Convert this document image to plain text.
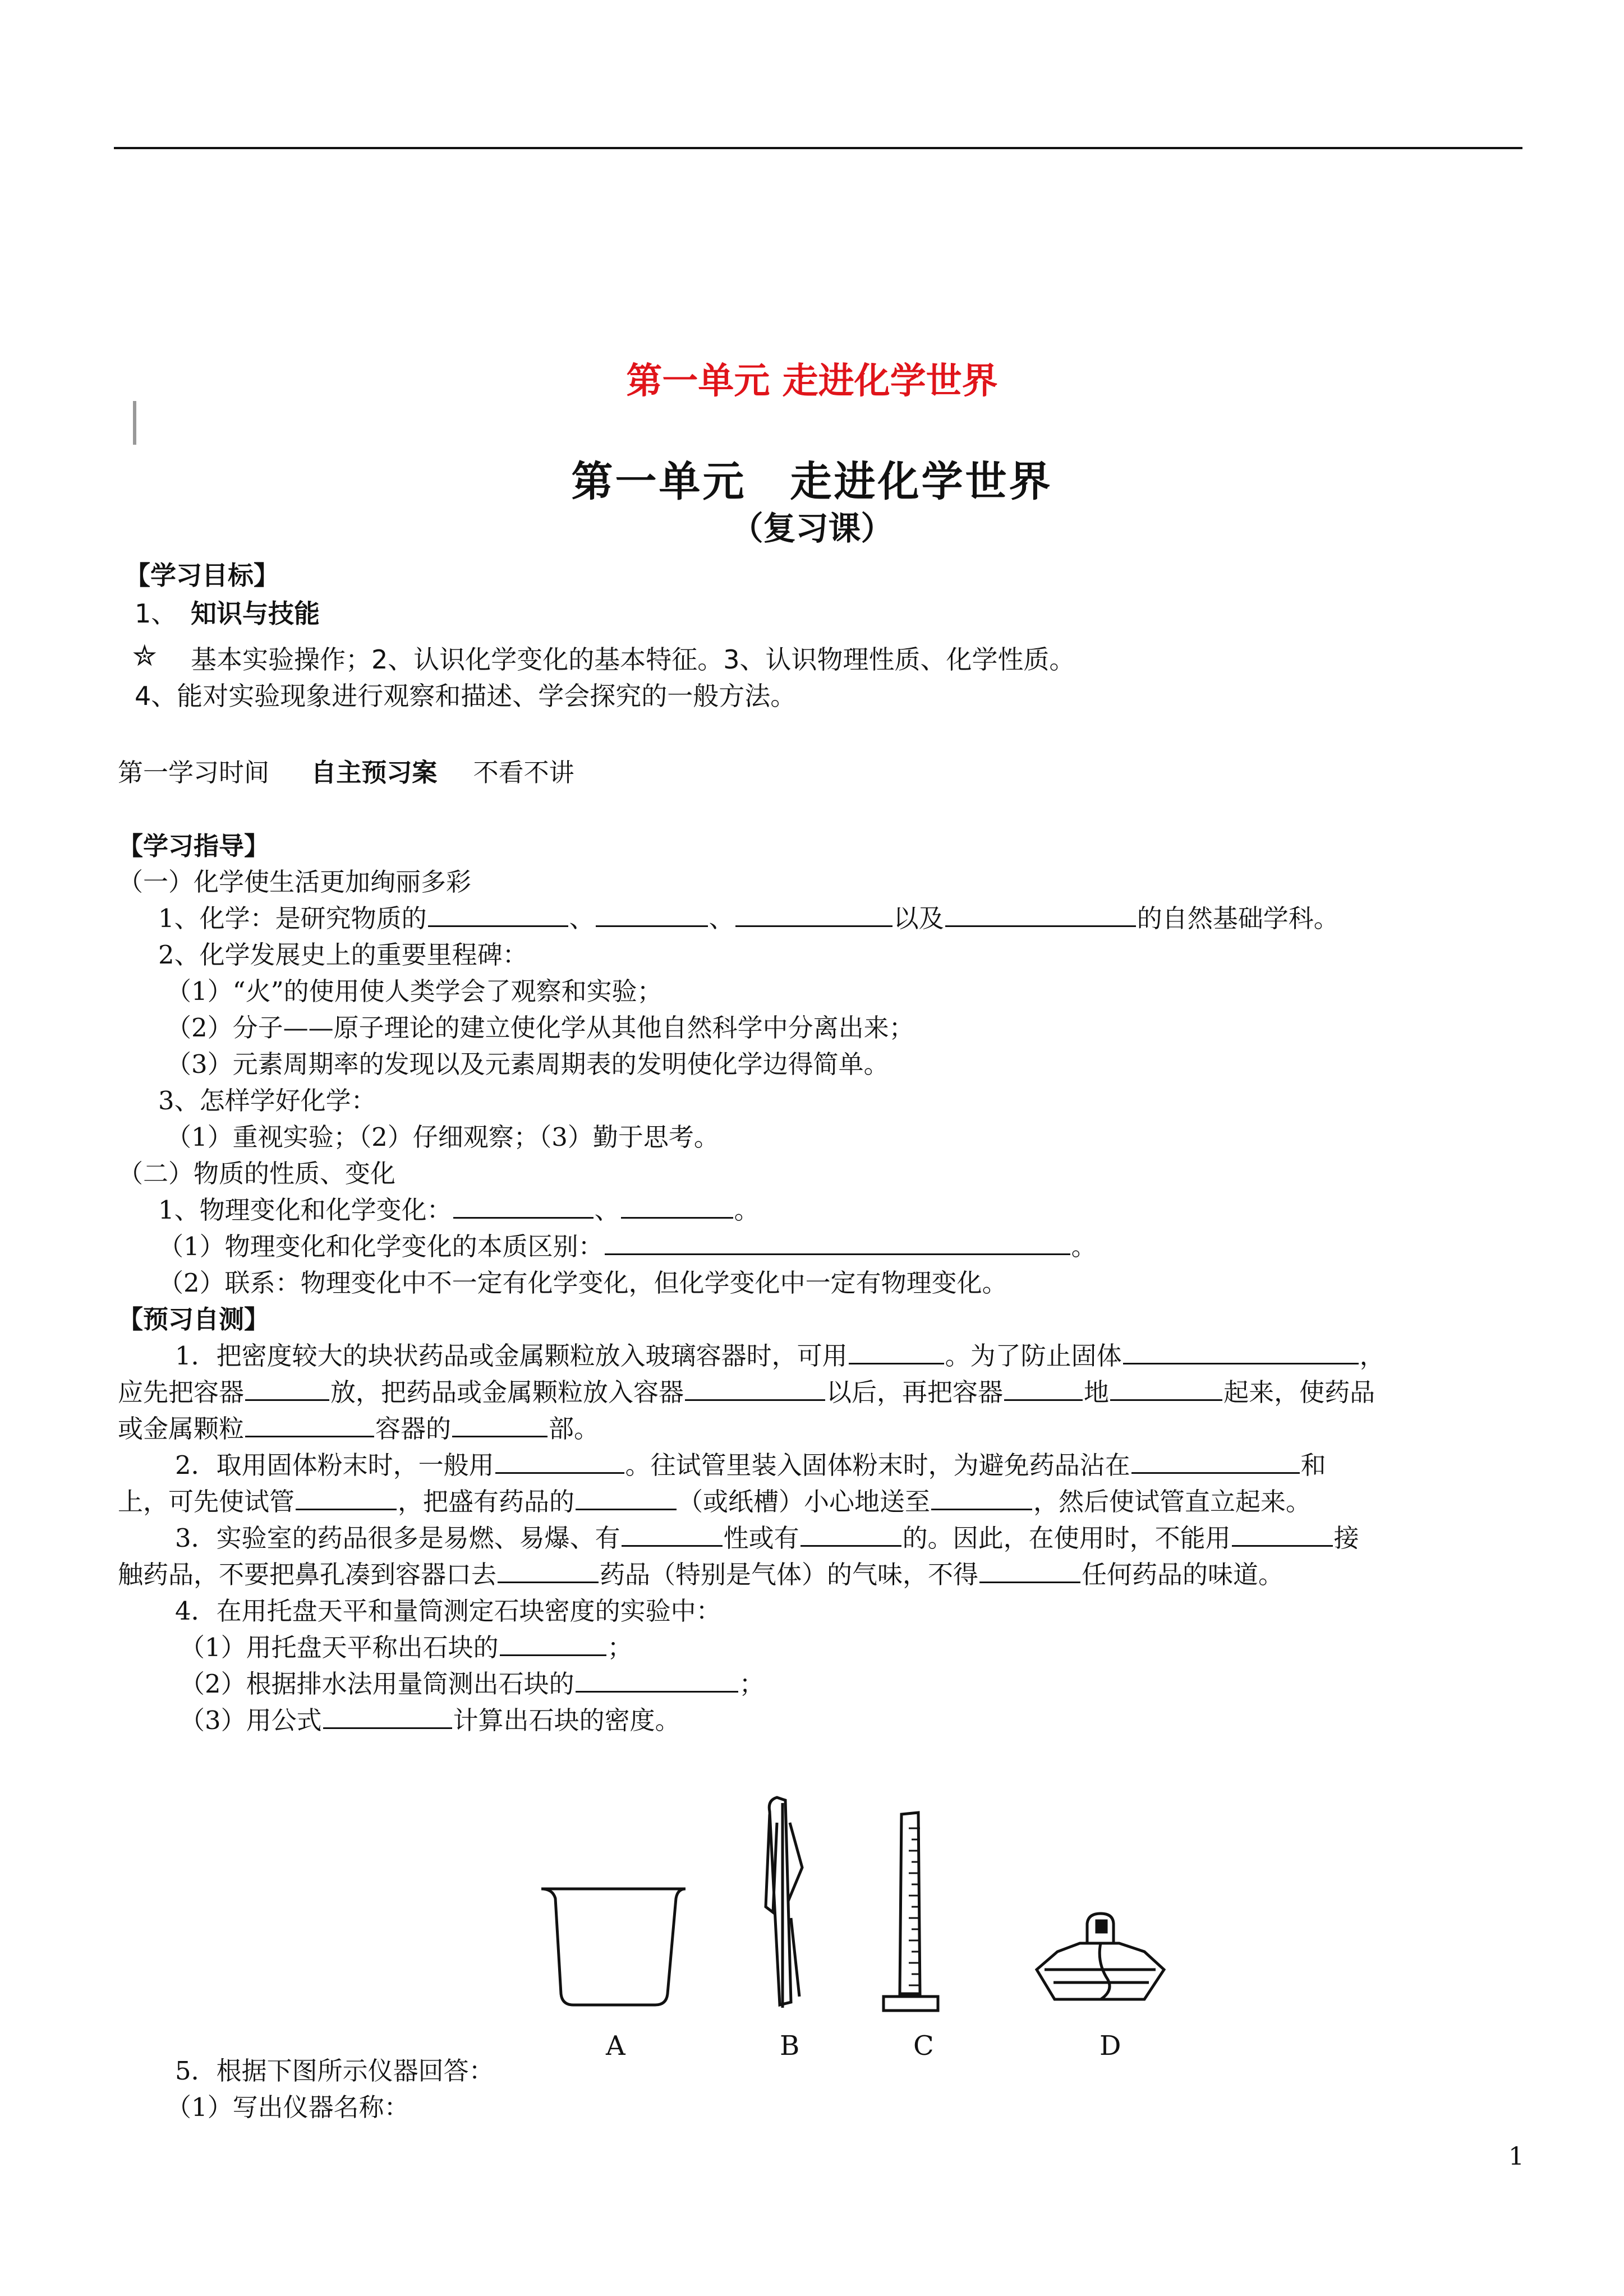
第一单元 走进化学世界
第一单元　走进化学世界
（复习课）
【学习目标】
1、 知识与技能
✮ 基本实验操作；2、认识化学变化的基本特征。3、认识物理性质、化学性质。
4、能对实验现象进行观察和描述、学会探究的一般方法。
第一学习时间 自主预习案 不看不讲
【学习指导】
（一）化学使生活更加绚丽多彩
1、化学：是研究物质的	、	、	以及	的自然基础学科。
2、化学发展史上的重要里程碑：
（1）“火”的使用使人类学会了观察和实验；
（2）分子——原子理论的建立使化学从其他自然科学中分离出来；
（3）元素周期率的发现以及元素周期表的发明使化学边得简单。
3、怎样学好化学：
（1）重视实验；（2）仔细观察；（3）勤于思考。
（二）物质的性质、变化
1、物理变化和化学变化：	、	。
（1）物理变化和化学变化的本质区别：	。
（2）联系：物理变化中不一定有化学变化，但化学变化中一定有物理变化。
【预习自测】
1．把密度较大的块状药品或金属颗粒放入玻璃容器时，可用	。为了防止固体	，
应先把容器	放，把药品或金属颗粒放入容器	以后，再把容器	地	起来，使药品
或金属颗粒	容器的	部。
2．取用固体粉末时，一般用	。往试管里装入固体粉末时，为避免药品沾在	和
上，可先使试管	，把盛有药品的	（或纸槽）小心地送至	，然后使试管直立起来。
3．实验室的药品很多是易燃、易爆、有	性或有	的。因此，在使用时，不能用	接
触药品，不要把鼻孔凑到容器口去	药品（特别是气体）的气味，不得	任何药品的味道。
4．在用托盘天平和量筒测定石块密度的实验中：
（1）用托盘天平称出石块的	；
（2）根据排水法用量筒测出石块的	；
（3）用公式	计算出石块的密度。
A	B	C	D
5．根据下图所示仪器回答：
（1）写出仪器名称：
1
